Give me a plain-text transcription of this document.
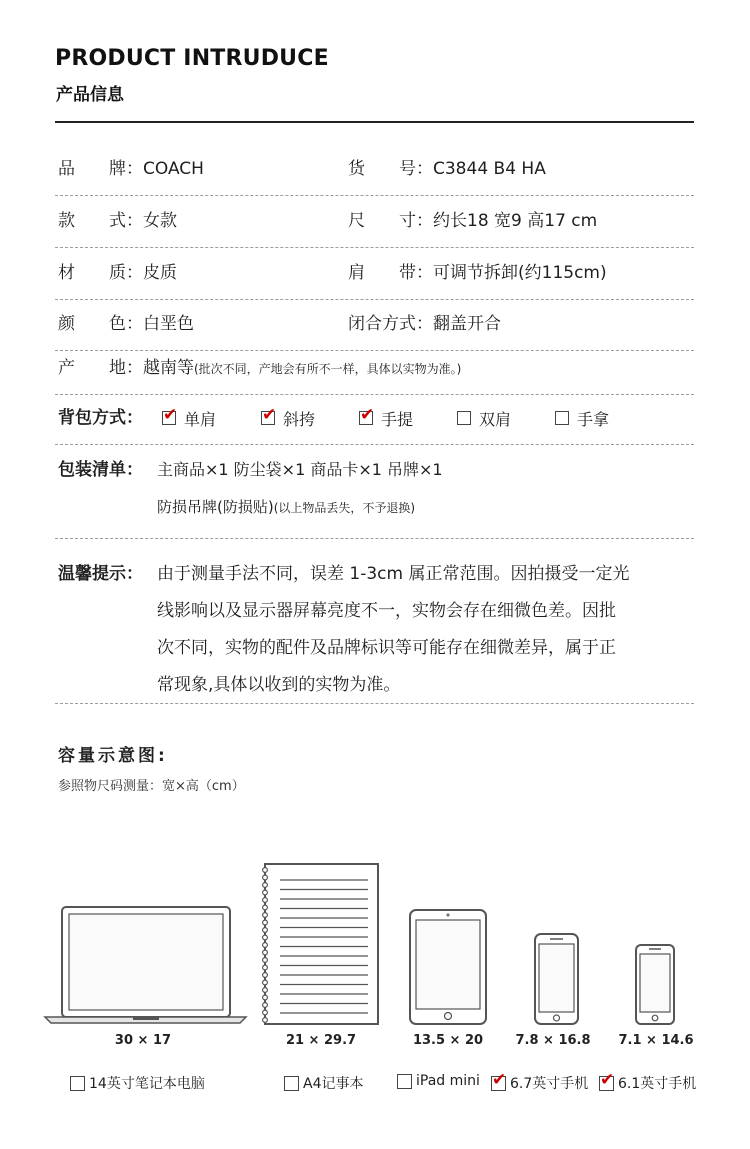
PRODUCT INTRUDUCE
产品信息
品　　牌：COACH	货　　号：C3844 B4 HA
款　　式：女款	尺　　寸：约长18 宽9 高17 cm
材　　质：皮质	肩　　带：可调节拆卸(约115cm)
颜　　色：白垩色	闭合方式：翻盖开合
产　　地：越南等(批次不同，产地会有所不一样，具体以实物为准。)
背包方式： ✔ 单肩	✔ 斜挎	✔ 手提	双肩	手拿
包装清单： 主商品×1 防尘袋×1 商品卡×1 吊牌×1
防损吊牌(防损贴)(以上物品丢失，不予退换)
温馨提示： 由于测量手法不同，误差 1-3cm 属正常范围。因拍摄受一定光
线影响以及显示器屏幕亮度不一，实物会存在细微色差。因批
次不同，实物的配件及品牌标识等可能存在细微差异，属于正
常现象,具体以收到的实物为准。
容量示意图:
参照物尺码测量：宽×高（cm）
30 × 17
14英寸笔记本电脑
21 × 29.7
A4记事本
13.5 × 20
iPad mini
7.8 × 16.8
✔ 6.7英寸手机
7.1 × 14.6
✔ 6.1英寸手机
